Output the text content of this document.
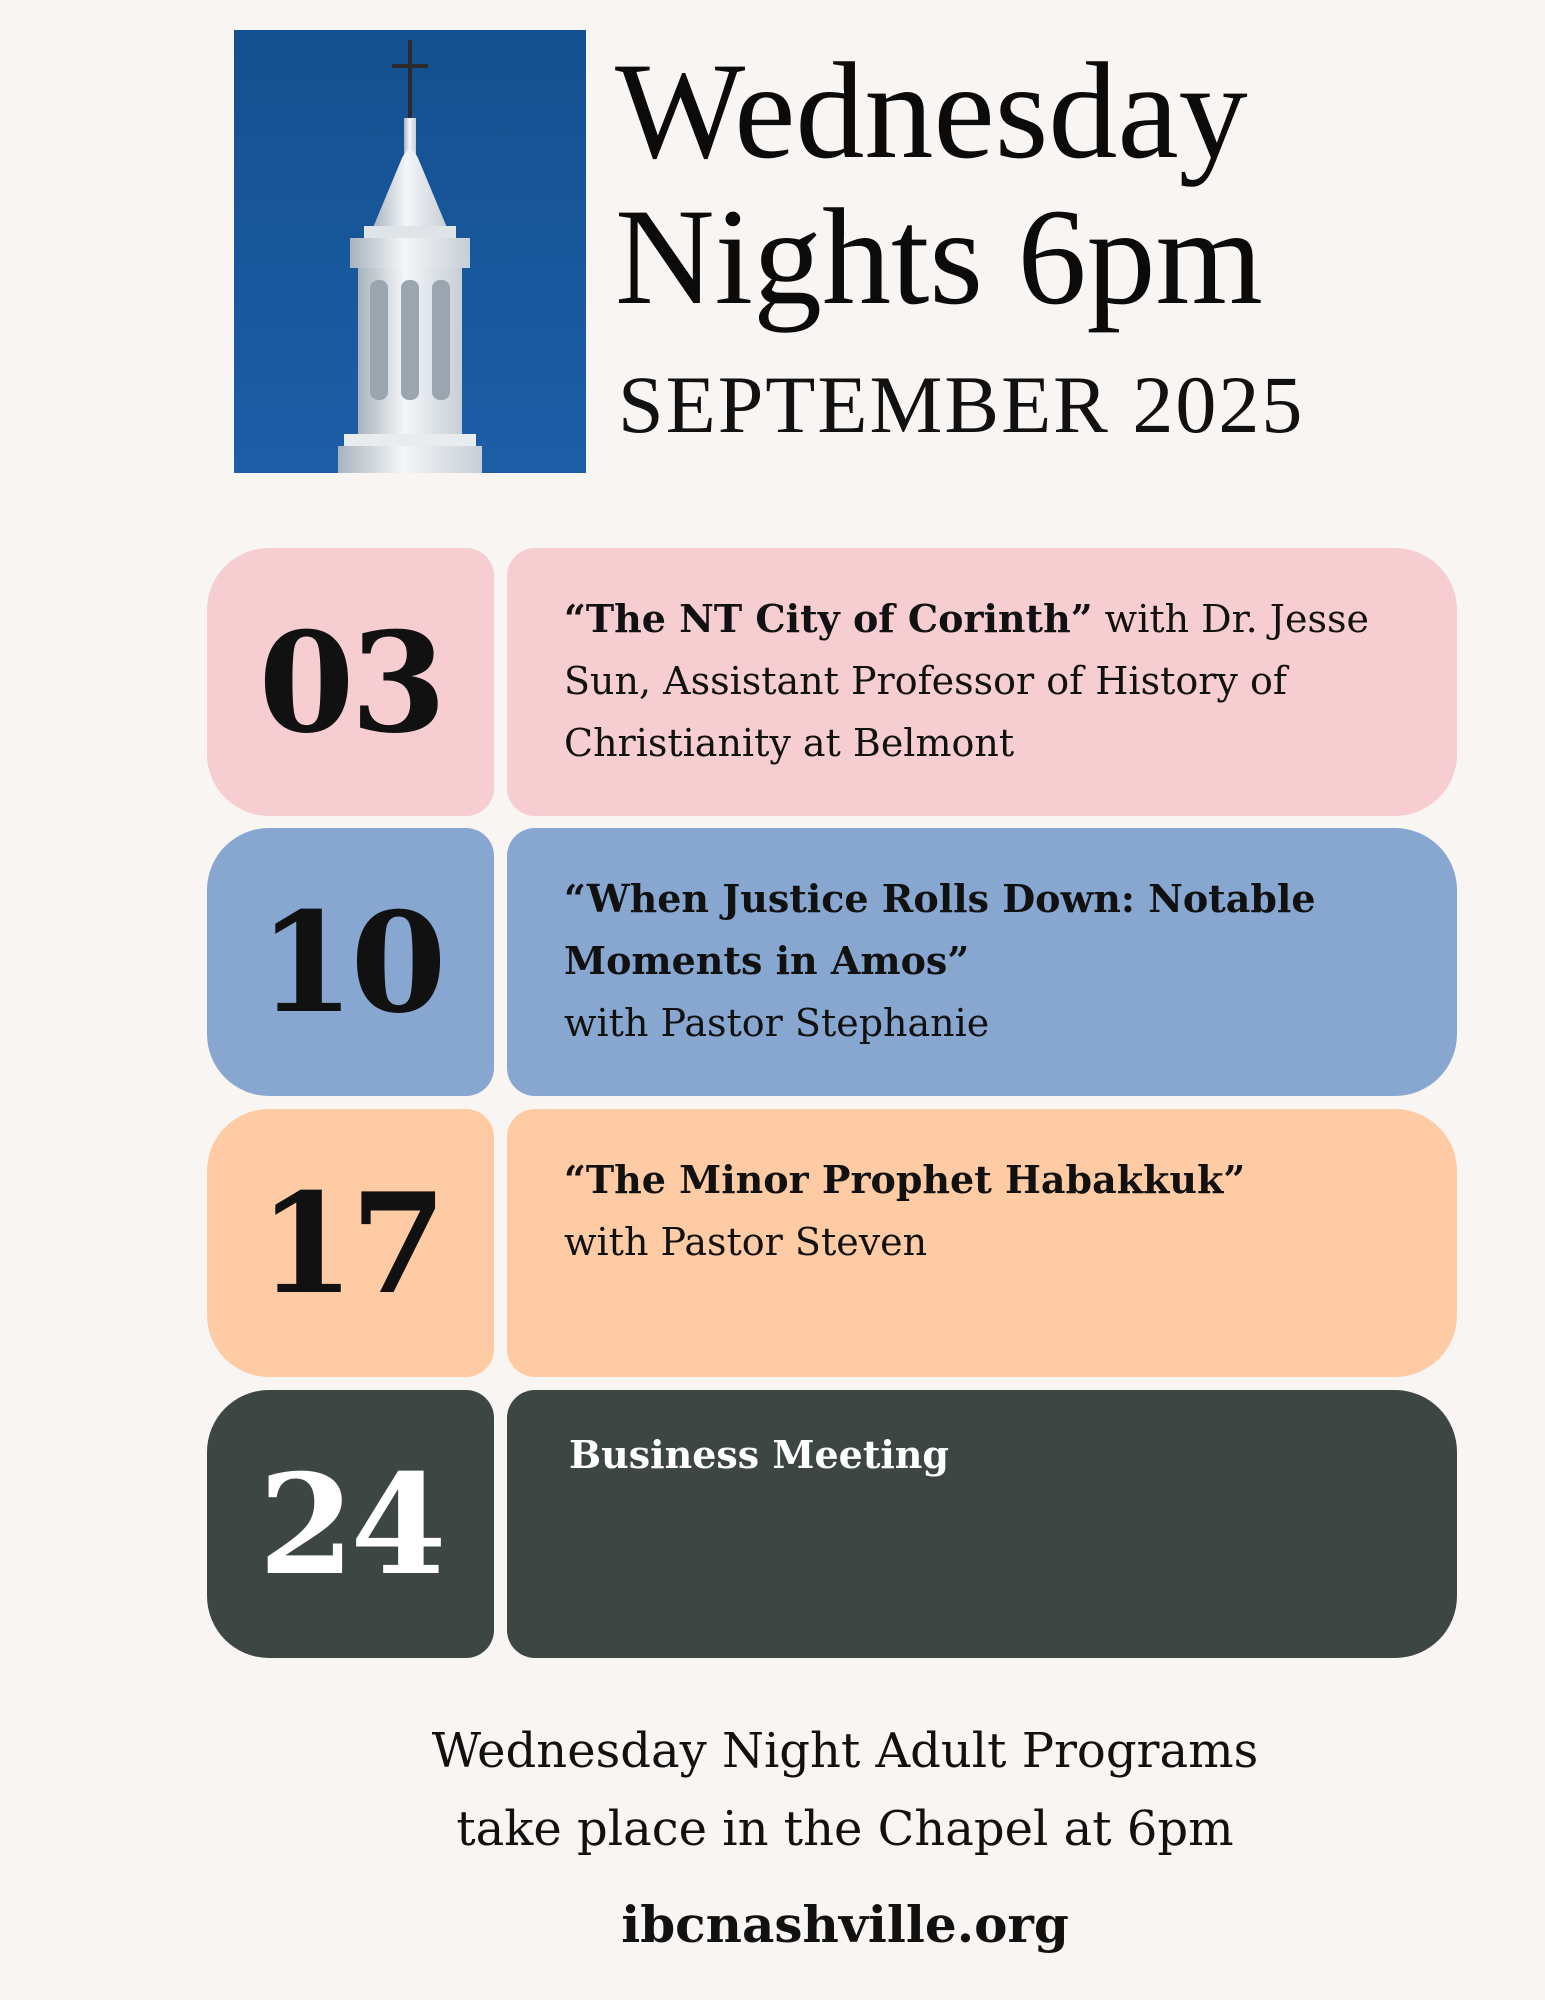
Wednesday
Nights 6pm
SEPTEMBER 2025
03	“The NT City of Corinth” with Dr. Jesse Sun, Assistant Professor of History of Christianity at Belmont
10	“When Justice Rolls Down: Notable Moments in Amos”
with Pastor Stephanie
17	“The Minor Prophet Habakkuk”
with Pastor Steven
24	Business Meeting
Wednesday Night Adult Programs
take place in the Chapel at 6pm
ibcnashville.org
